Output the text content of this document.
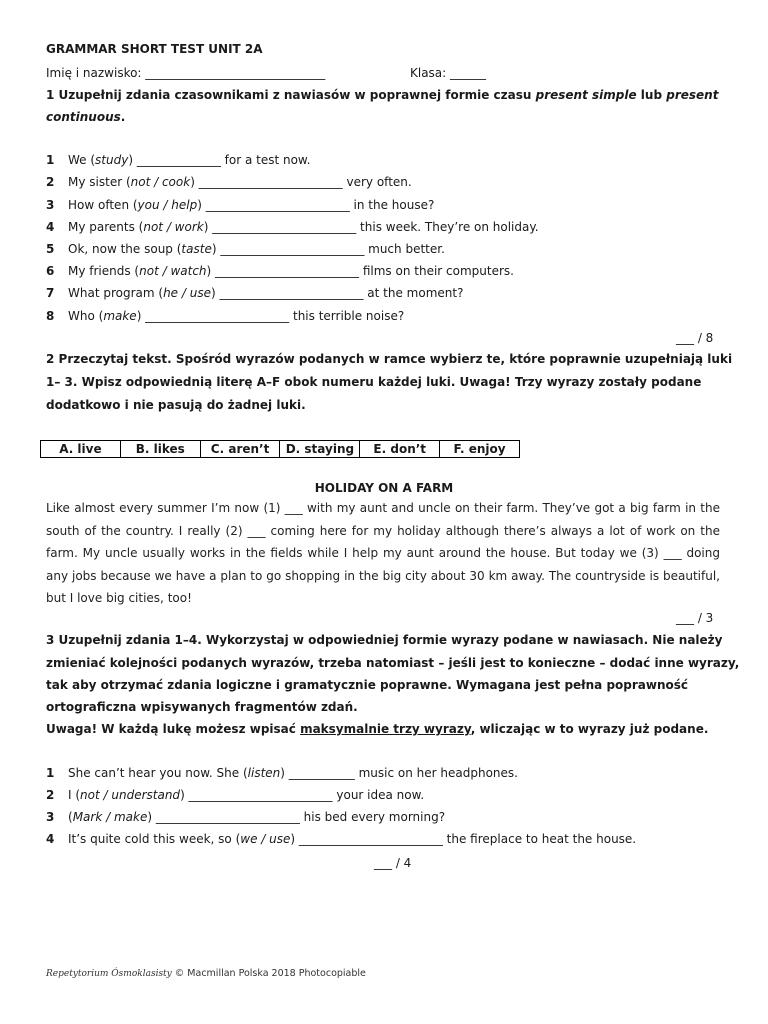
GRAMMAR SHORT TEST UNIT 2A
Imię i nazwisko: ______________________________	Klasa: ______
1 Uzupełnij zdania czasownikami z nawiasów w poprawnej formie czasu present simple lub present
continuous.
1 We (study) ______________ for a test now.
2 My sister (not / cook) ________________________ very often.
3 How often (you / help) ________________________ in the house?
4 My parents (not / work) ________________________ this week. They’re on holiday.
5 Ok, now the soup (taste) ________________________ much better.
6 My friends (not / watch) ________________________ films on their computers.
7 What program (he / use) ________________________ at the moment?
8 Who (make) ________________________ this terrible noise?
___ / 8
2 Przeczytaj tekst. Spośród wyrazów podanych w ramce wybierz te, które poprawnie uzupełniają luki
1– 3. Wpisz odpowiednią literę A–F obok numeru każdej luki. Uwaga! Trzy wyrazy zostały podane
dodatkowo i nie pasują do żadnej luki.
A. live	B. likes	C. aren’t	D. staying	E. don’t	F. enjoy
HOLIDAY ON A FARM
Like almost every summer I’m now (1) ___ with my aunt and uncle on their farm. They’ve got a big farm in the south of the country. I really (2) ___ coming here for my holiday although there’s always a lot of work on the farm. My uncle usually works in the fields while I help my aunt around the house. But today we (3) ___ doing any jobs because we have a plan to go shopping in the big city about 30 km away. The countryside is beautiful, but I love big cities, too!
___ / 3
3 Uzupełnij zdania 1–4. Wykorzystaj w odpowiedniej formie wyrazy podane w nawiasach. Nie należy
zmieniać kolejności podanych wyrazów, trzeba natomiast – jeśli jest to konieczne – dodać inne wyrazy,
tak aby otrzymać zdania logiczne i gramatycznie poprawne. Wymagana jest pełna poprawność
ortograficzna wpisywanych fragmentów zdań.
Uwaga! W każdą lukę możesz wpisać maksymalnie trzy wyrazy, wliczając w to wyrazy już podane.
1 She can’t hear you now. She (listen) ___________ music on her headphones.
2 I (not / understand) ________________________ your idea now.
3 (Mark / make) ________________________ his bed every morning?
4 It’s quite cold this week, so (we / use) ________________________ the fireplace to heat the house.
___ / 4
Repetytorium Ósmoklasisty © Macmillan Polska 2018 Photocopiable
